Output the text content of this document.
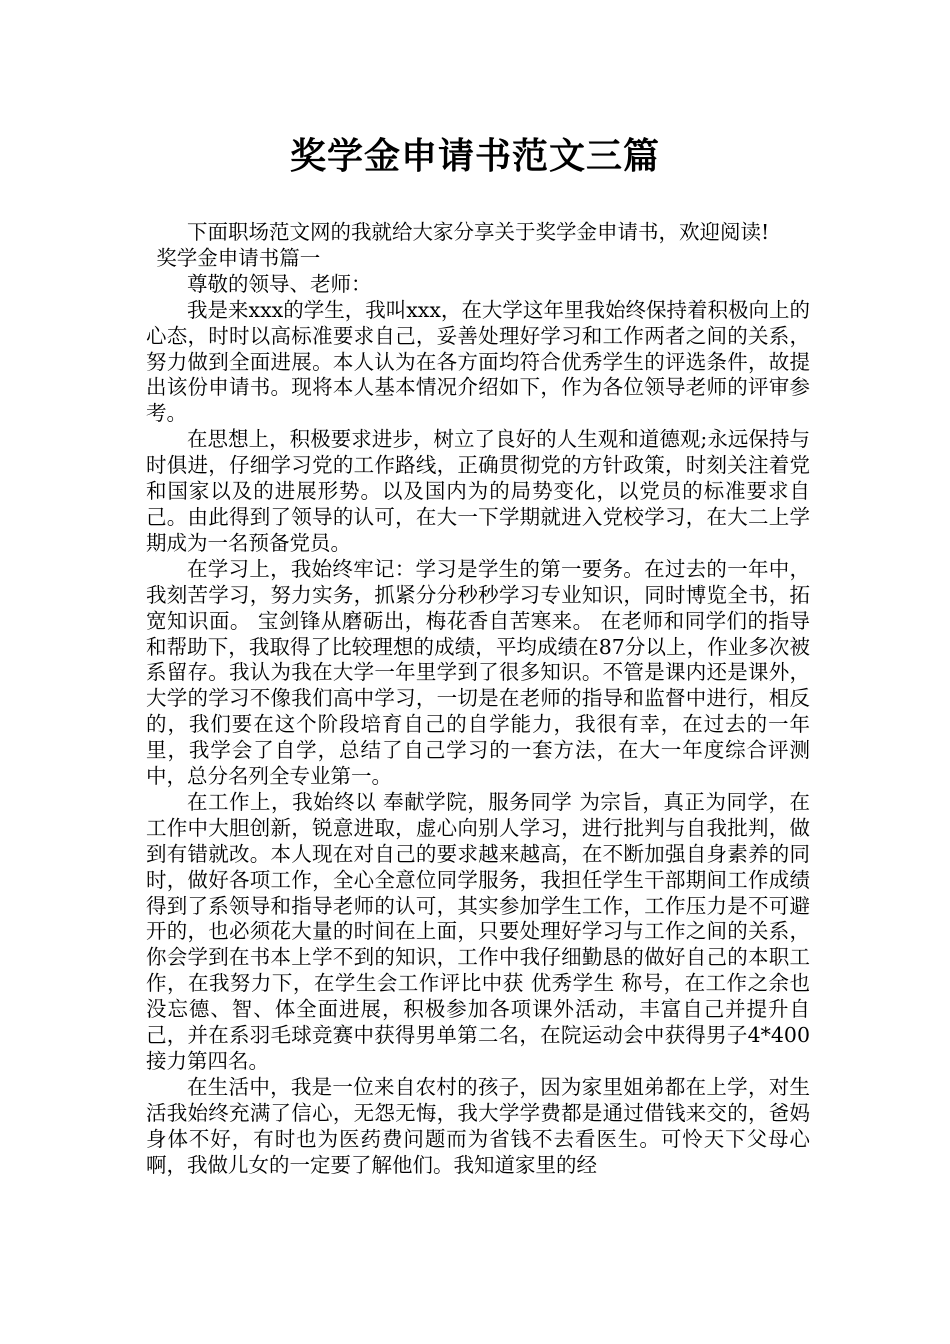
奖学金申请书范文三篇

下面职场范文网的我就给大家分享关于奖学金申请书，欢迎阅读!

奖学金申请书篇一

尊敬的领导、老师：

我是来xxx的学生，我叫xxx，在大学这年里我始终保持着积极向上的心态，时时以高标准要求自己，妥善处理好学习和工作两者之间的关系，努力做到全面进展。本人认为在各方面均符合优秀学生的评选条件，故提出该份申请书。现将本人基本情况介绍如下，作为各位领导老师的评审参考。

在思想上，积极要求进步，树立了良好的人生观和道德观;永远保持与时俱进，仔细学习党的工作路线，正确贯彻党的方针政策，时刻关注着党和国家以及的进展形势。以及国内为的局势变化，以党员的标准要求自己。由此得到了领导的认可，在大一下学期就进入党校学习，在大二上学期成为一名预备党员。

在学习上，我始终牢记：学习是学生的第一要务。在过去的一年中，我刻苦学习，努力实务，抓紧分分秒秒学习专业知识，同时博览全书，拓宽知识面。 宝剑锋从磨砺出，梅花香自苦寒来。 在老师和同学们的指导和帮助下，我取得了比较理想的成绩，平均成绩在87分以上，作业多次被系留存。我认为我在大学一年里学到了很多知识。不管是课内还是课外，大学的学习不像我们高中学习，一切是在老师的指导和监督中进行，相反的，我们要在这个阶段培育自己的自学能力，我很有幸，在过去的一年里，我学会了自学，总结了自己学习的一套方法，在大一年度综合评测中，总分名列全专业第一。

在工作上，我始终以 奉献学院，服务同学 为宗旨，真正为同学，在工作中大胆创新，锐意进取，虚心向别人学习，进行批判与自我批判，做到有错就改。本人现在对自己的要求越来越高，在不断加强自身素养的同时，做好各项工作，全心全意位同学服务，我担任学生干部期间工作成绩得到了系领导和指导老师的认可，其实参加学生工作，工作压力是不可避开的，也必须花大量的时间在上面，只要处理好学习与工作之间的关系，你会学到在书本上学不到的知识，工作中我仔细勤恳的做好自己的本职工作，在我努力下，在学生会工作评比中获 优秀学生 称号，在工作之余也没忘德、智、体全面进展，积极参加各项课外活动，丰富自己并提升自己，并在系羽毛球竞赛中获得男单第二名，在院运动会中获得男子4*400接力第四名。

在生活中，我是一位来自农村的孩子，因为家里姐弟都在上学，对生活我始终充满了信心，无怨无悔，我大学学费都是通过借钱来交的，爸妈身体不好，有时也为医药费问题而为省钱不去看医生。可怜天下父母心啊，我做儿女的一定要了解他们。我知道家里的经
